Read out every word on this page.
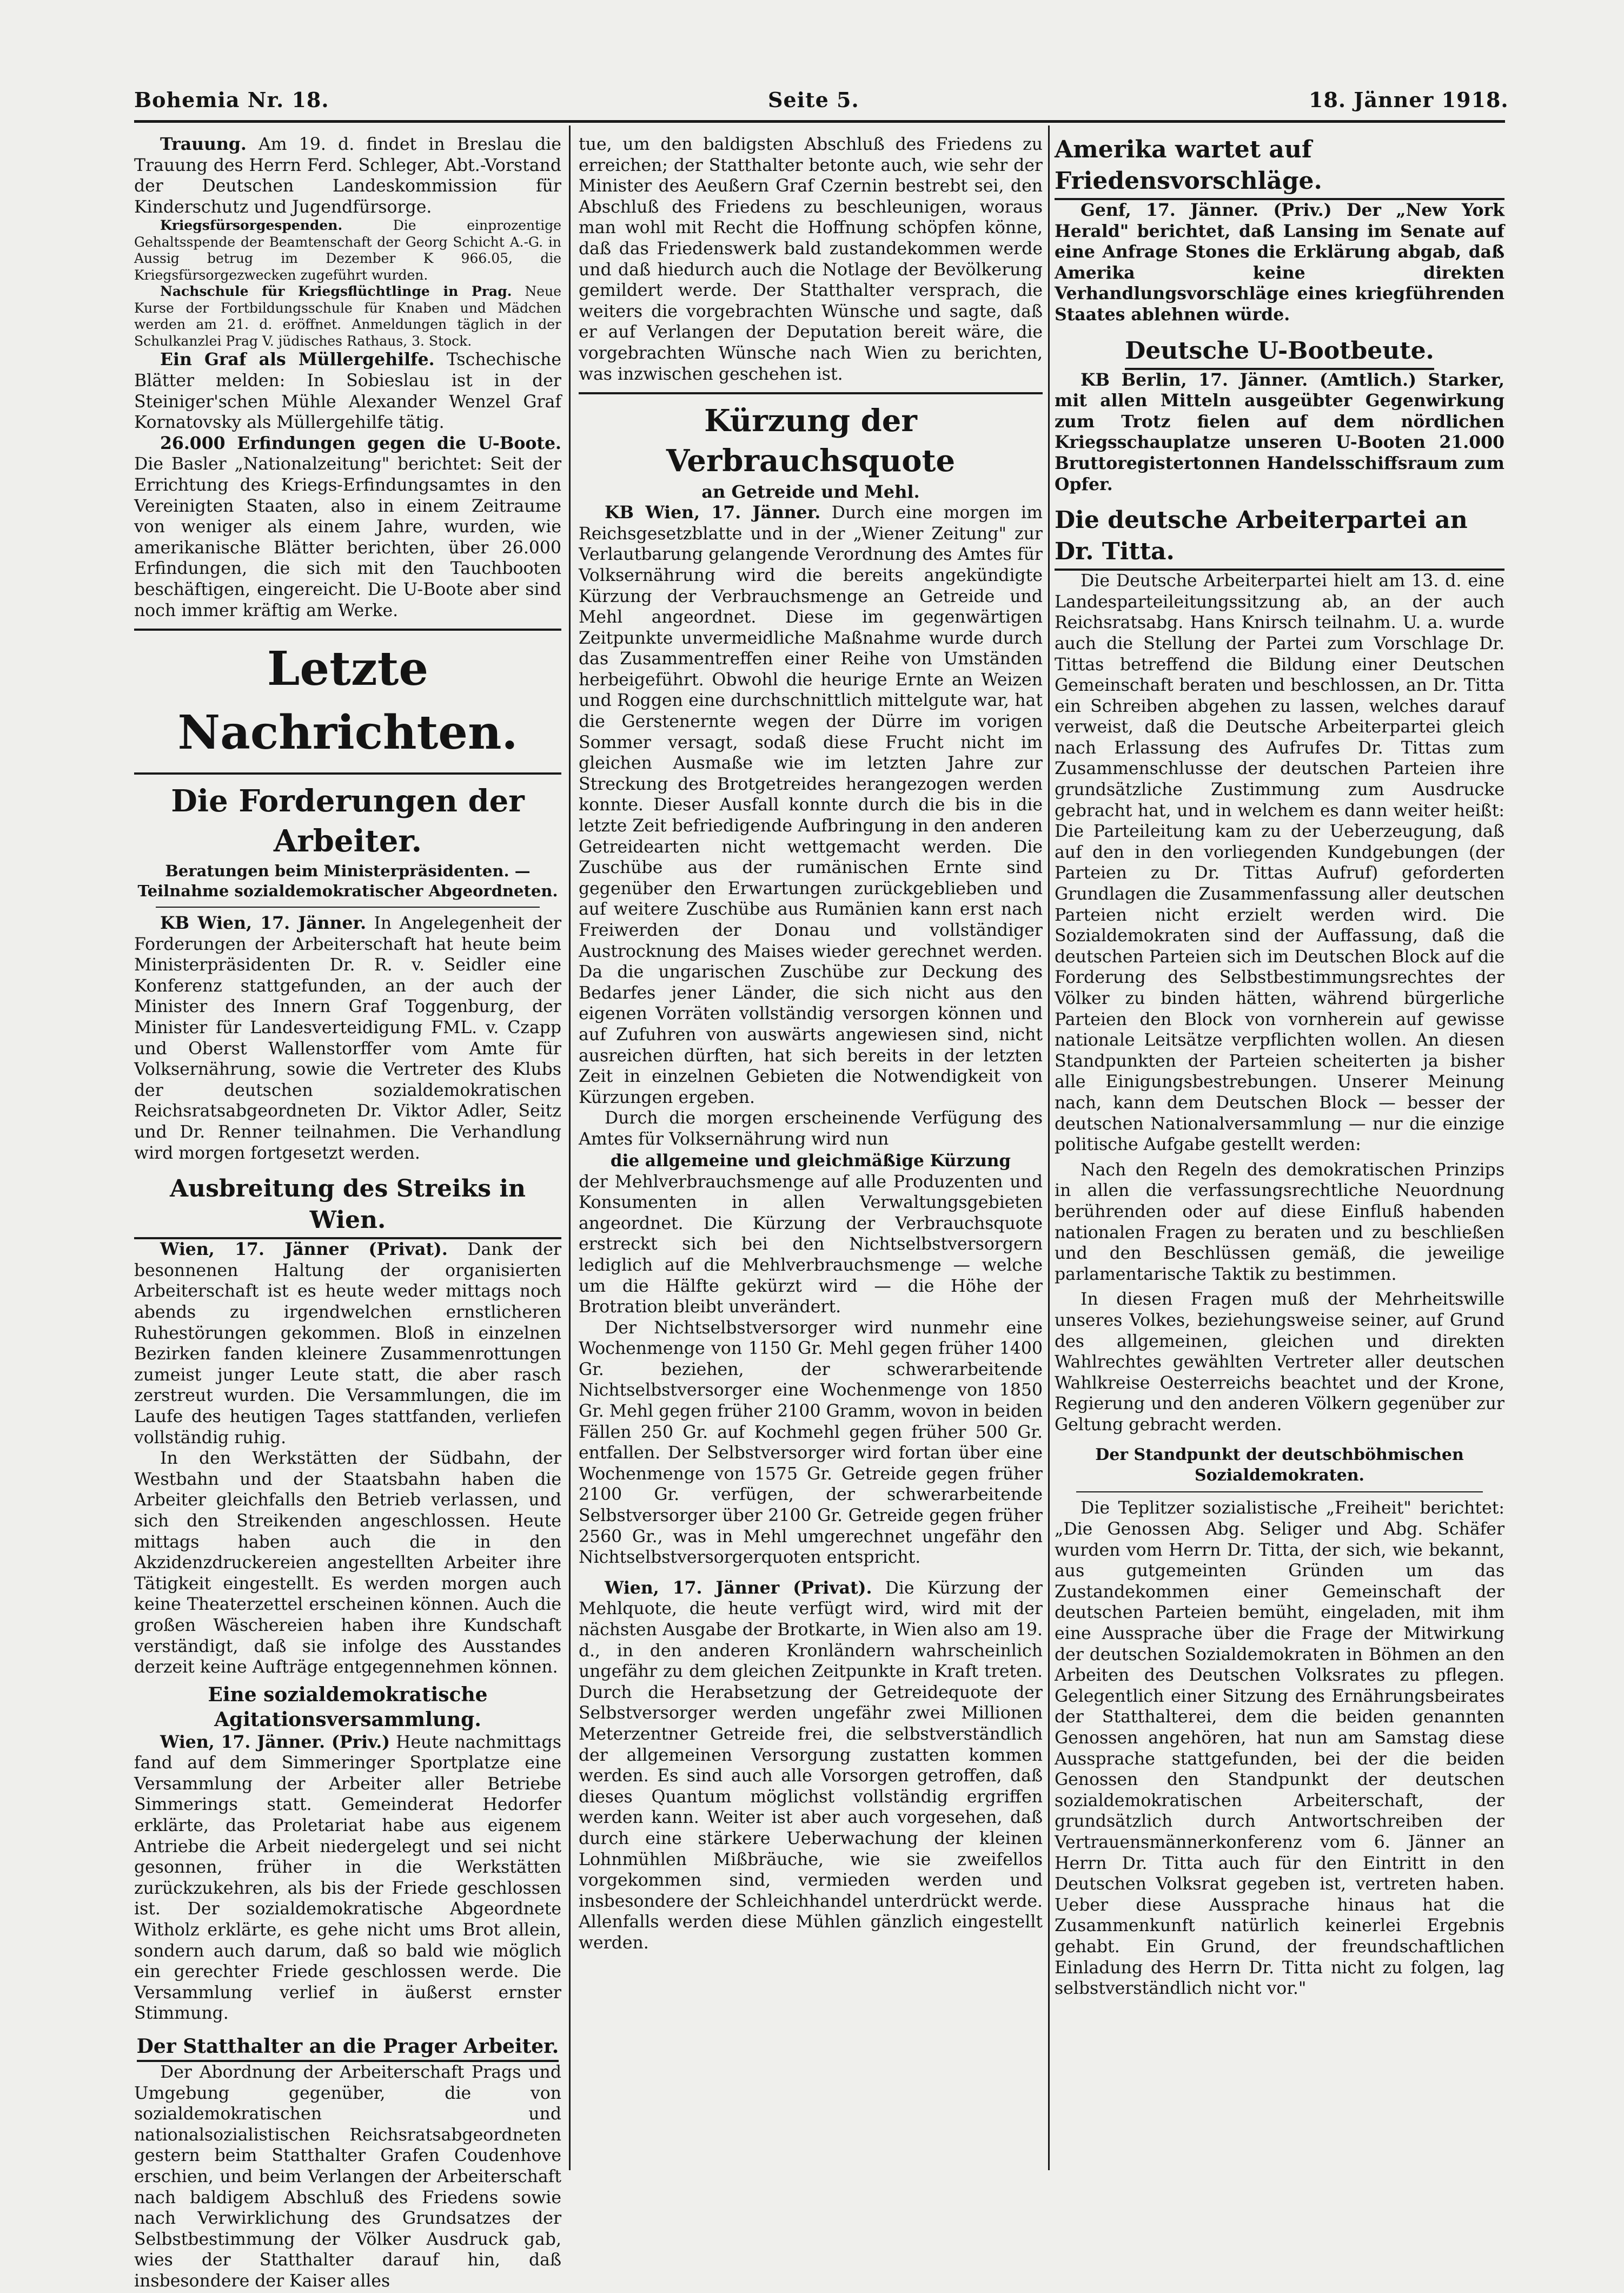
Bohemia Nr. 18.	Seite 5.	18. Jänner 1918.

Trauung. Am 19. d. findet in Breslau die Trauung des Herrn Ferd. Schleger, Abt.-Vorstand der Deutschen Landeskommission für Kinderschutz und Jugendfürsorge.

Kriegsfürsorgespenden.	Die einprozentige Gehaltsspende der Beamtenschaft der Georg Schicht A.-G. in Aussig betrug im Dezember K 966.05, die Kriegsfürsorgezwecken zugeführt wurden.

Nachschule für Kriegsflüchtlinge in Prag. Neue Kurse der Fortbildungsschule für Knaben und Mädchen werden am 21. d. eröffnet. Anmeldungen täglich in der Schulkanzlei Prag V. jüdisches Rathaus, 3. Stock.

Ein Graf als Müllergehilfe. Tschechische Blätter melden: In Sobieslau ist in der Steiniger'schen Mühle Alexander Wenzel Graf Kornatovsky als Müllergehilfe tätig.

26.000 Erfindungen gegen die U-Boote. Die Basler „Nationalzeitung" berichtet: Seit der Errichtung des Kriegs-Erfindungsamtes in den Vereinigten Staaten, also in einem Zeitraume von weniger als einem Jahre, wurden, wie amerikanische Blätter berichten, über 26.000 Erfindungen, die sich mit den Tauchbooten beschäftigen, eingereicht. Die U-Boote aber sind noch immer kräftig am Werke.

Letzte Nachrichten.

Die Forderungen der Arbeiter.

Beratungen beim Ministerpräsidenten. — Teilnahme sozialdemokratischer Abgeordneten.

KB Wien, 17. Jänner. In Angelegenheit der Forderungen der Arbeiterschaft hat heute beim Ministerpräsidenten Dr. R. v. Seidler eine Konferenz stattgefunden, an der auch der Minister des Innern Graf Toggenburg, der Minister für Landesverteidigung FML. v. Czapp und Oberst Wallenstorffer vom Amte für Volksernährung, sowie die Vertreter des Klubs der deutschen sozialdemokratischen Reichsratsabgeordneten Dr. Viktor Adler, Seitz und Dr. Renner teilnahmen. Die Verhandlung wird morgen fortgesetzt werden.

Ausbreitung des Streiks in Wien.

Wien, 17. Jänner (Privat). Dank der besonnenen Haltung der organisierten Arbeiterschaft ist es heute weder mittags noch abends zu irgendwelchen ernstlicheren Ruhestörungen gekommen. Bloß in einzelnen Bezirken fanden kleinere Zusammenrottungen zumeist junger Leute statt, die aber rasch zerstreut wurden. Die Versammlungen, die im Laufe des heutigen Tages stattfanden, verliefen vollständig ruhig.

In den Werkstätten der Südbahn, der Westbahn und der Staatsbahn haben die Arbeiter gleichfalls den Betrieb verlassen, und sich den Streikenden angeschlossen. Heute mittags haben auch die in den Akzidenzdruckereien angestellten Arbeiter ihre Tätigkeit eingestellt. Es werden morgen auch keine Theaterzettel erscheinen können. Auch die großen Wäschereien haben ihre Kundschaft verständigt, daß sie infolge des Ausstandes derzeit keine Aufträge entgegennehmen können.

Eine sozialdemokratische Agitationsversammlung.

Wien, 17. Jänner. (Priv.) Heute nachmittags fand auf dem Simmeringer Sportplatze eine Versammlung der Arbeiter aller Betriebe Simmerings statt. Gemeinderat Hedorfer erklärte, das Proletariat habe aus eigenem Antriebe die Arbeit niedergelegt und sei nicht gesonnen, früher in die Werkstätten zurückzukehren, als bis der Friede geschlossen ist. Der sozialdemokratische Abgeordnete Witholz erklärte, es gehe nicht ums Brot allein, sondern auch darum, daß so bald wie möglich ein gerechter Friede geschlossen werde. Die Versammlung verlief in äußerst ernster Stimmung.

Der Statthalter an die Prager Arbeiter.

Der Abordnung der Arbeiterschaft Prags und Umgebung gegenüber, die von sozialdemokratischen und nationalsozialistischen Reichsratsabgeordneten gestern beim Statthalter Grafen Coudenhove erschien, und beim Verlangen der Arbeiterschaft nach baldigem Abschluß des Friedens sowie nach Verwirklichung des Grundsatzes der Selbstbestimmung der Völker Ausdruck gab, wies der Statthalter darauf hin, daß insbesondere der Kaiser alles

tue, um den baldigsten Abschluß des Friedens zu erreichen; der Statthalter betonte auch, wie sehr der Minister des Aeußern Graf Czernin bestrebt sei, den Abschluß des Friedens zu beschleunigen, woraus man wohl mit Recht die Hoffnung schöpfen könne, daß das Friedenswerk bald zustandekommen werde und daß hiedurch auch die Notlage der Bevölkerung gemildert werde. Der Statthalter versprach, die weiters die vorgebrachten Wünsche und sagte, daß er auf Verlangen der Deputation bereit wäre, die vorgebrachten Wünsche nach Wien zu berichten, was inzwischen geschehen ist.

Kürzung der Verbrauchsquote

an Getreide und Mehl.

KB Wien, 17. Jänner. Durch eine morgen im Reichsgesetzblatte und in der „Wiener Zeitung" zur Verlautbarung gelangende Verordnung des Amtes für Volksernährung wird die bereits angekündigte Kürzung der Verbrauchsmenge an Getreide und Mehl angeordnet. Diese im gegenwärtigen Zeitpunkte unvermeidliche Maßnahme wurde durch das Zusammentreffen einer Reihe von Umständen herbeigeführt. Obwohl die heurige Ernte an Weizen und Roggen eine durchschnittlich mittelgute war, hat die Gerstenernte wegen der Dürre im vorigen Sommer versagt, sodaß diese Frucht nicht im gleichen Ausmaße wie im letzten Jahre zur Streckung des Brotgetreides herangezogen werden konnte. Dieser Ausfall konnte durch die bis in die letzte Zeit befriedigende Aufbringung in den anderen Getreidearten nicht wettgemacht werden. Die Zuschübe aus der rumänischen Ernte sind gegenüber den Erwartungen zurückgeblieben und auf weitere Zuschübe aus Rumänien kann erst nach Freiwerden der Donau und vollständiger Austrocknung des Maises wieder gerechnet werden. Da die ungarischen Zuschübe zur Deckung des Bedarfes jener Länder, die sich nicht aus den eigenen Vorräten vollständig versorgen können und auf Zufuhren von auswärts angewiesen sind, nicht ausreichen dürften, hat sich bereits in der letzten Zeit in einzelnen Gebieten die Notwendigkeit von Kürzungen ergeben.

Durch die morgen erscheinende Verfügung des Amtes für Volksernährung wird nun

die allgemeine und gleichmäßige Kürzung

der Mehlverbrauchsmenge auf alle Produzenten und Konsumenten in allen Verwaltungsgebieten angeordnet. Die Kürzung der Verbrauchsquote erstreckt sich bei den Nichtselbstversorgern lediglich auf die Mehlverbrauchsmenge — welche um die Hälfte gekürzt wird — die Höhe der Brotration bleibt unverändert.

Der Nichtselbstversorger wird nunmehr eine Wochenmenge von 1150 Gr. Mehl gegen früher 1400 Gr. beziehen, der schwerarbeitende Nichtselbstversorger eine Wochenmenge von 1850 Gr. Mehl gegen früher 2100 Gramm, wovon in beiden Fällen 250 Gr. auf Kochmehl gegen früher 500 Gr. entfallen. Der Selbstversorger wird fortan über eine Wochenmenge von 1575 Gr. Getreide gegen früher 2100 Gr. verfügen, der schwerarbeitende Selbstversorger über 2100 Gr. Getreide gegen früher 2560 Gr., was in Mehl umgerechnet ungefähr den Nichtselbstversorgerquoten entspricht.

Wien, 17. Jänner (Privat). Die Kürzung der Mehlquote, die heute verfügt wird, wird mit der nächsten Ausgabe der Brotkarte, in Wien also am 19. d., in den anderen Kronländern wahrscheinlich ungefähr zu dem gleichen Zeitpunkte in Kraft treten. Durch die Herabsetzung der Getreidequote der Selbstversorger werden ungefähr zwei Millionen Meterzentner Getreide frei, die selbstverständlich der allgemeinen Versorgung zustatten kommen werden. Es sind auch alle Vorsorgen getroffen, daß dieses Quantum möglichst vollständig ergriffen werden kann. Weiter ist aber auch vorgesehen, daß durch eine stärkere Ueberwachung der kleinen Lohnmühlen Mißbräuche, wie sie zweifellos vorgekommen sind, vermieden werden und insbesondere der Schleichhandel unterdrückt werde. Allenfalls werden diese Mühlen gänzlich eingestellt werden.

Amerika wartet auf Friedensvorschläge.

Genf, 17. Jänner. (Priv.) Der „New York Herald" berichtet, daß Lansing im Senate auf eine Anfrage Stones die Erklärung abgab, daß Amerika keine direkten Verhandlungsvorschläge eines kriegführenden Staates ablehnen würde.

Deutsche U-Bootbeute.

KB Berlin, 17. Jänner. (Amtlich.) Starker, mit allen Mitteln ausgeübter Gegenwirkung zum Trotz fielen auf dem nördlichen Kriegsschauplatze unseren U-Booten 21.000 Bruttoregistertonnen Handelsschiffsraum zum Opfer.

Die deutsche Arbeiterpartei an Dr. Titta.

Die Deutsche Arbeiterpartei hielt am 13. d. eine Landesparteileitungssitzung ab, an der auch Reichsratsabg. Hans Knirsch teilnahm. U. a. wurde auch die Stellung der Partei zum Vorschlage Dr. Tittas betreffend die Bildung einer Deutschen Gemeinschaft beraten und beschlossen, an Dr. Titta ein Schreiben abgehen zu lassen, welches darauf verweist, daß die Deutsche Arbeiterpartei gleich nach Erlassung des Aufrufes Dr. Tittas zum Zusammenschlusse der deutschen Parteien ihre grundsätzliche Zustimmung zum Ausdrucke gebracht hat, und in welchem es dann weiter heißt: Die Parteileitung kam zu der Ueberzeugung, daß auf den in den vorliegenden Kundgebungen (der Parteien zu Dr. Tittas Aufruf) geforderten Grundlagen die Zusammenfassung aller deutschen Parteien nicht erzielt werden wird. Die Sozialdemokraten sind der Auffassung, daß die deutschen Parteien sich im Deutschen Block auf die Forderung des Selbstbestimmungsrechtes der Völker zu binden hätten, während bürgerliche Parteien den Block von vornherein auf gewisse nationale Leitsätze verpflichten wollen. An diesen Standpunkten der Parteien scheiterten ja bisher alle Einigungsbestrebungen. Unserer Meinung nach, kann dem Deutschen Block — besser der deutschen Nationalversammlung — nur die einzige politische Aufgabe gestellt werden:

Nach den Regeln des demokratischen Prinzips in allen die verfassungsrechtliche Neuordnung berührenden oder auf diese Einfluß habenden nationalen Fragen zu beraten und zu beschließen und den Beschlüssen gemäß, die jeweilige parlamentarische Taktik zu bestimmen.

In diesen Fragen muß der Mehrheitswille unseres Volkes, beziehungsweise seiner, auf Grund des allgemeinen, gleichen und direkten Wahlrechtes gewählten Vertreter aller deutschen Wahlkreise Oesterreichs beachtet und der Krone, Regierung und den anderen Völkern gegenüber zur Geltung gebracht werden.

Der Standpunkt der deutschböhmischen Sozialdemokraten.

Die Teplitzer sozialistische „Freiheit" berichtet: „Die Genossen Abg. Seliger und Abg. Schäfer wurden vom Herrn Dr. Titta, der sich, wie bekannt, aus gutgemeinten Gründen um das Zustandekommen einer Gemeinschaft der deutschen Parteien bemüht, eingeladen, mit ihm eine Aussprache über die Frage der Mitwirkung der deutschen Sozialdemokraten in Böhmen an den Arbeiten des Deutschen Volksrates zu pflegen. Gelegentlich einer Sitzung des Ernährungsbeirates der Statthalterei, dem die beiden genannten Genossen angehören, hat nun am Samstag diese Aussprache stattgefunden, bei der die beiden Genossen den Standpunkt der deutschen sozialdemokratischen Arbeiterschaft, der grundsätzlich durch Antwortschreiben der Vertrauensmännerkonferenz vom 6. Jänner an Herrn Dr. Titta auch für den Eintritt in den Deutschen Volksrat gegeben ist, vertreten haben. Ueber diese Aussprache hinaus hat die Zusammenkunft natürlich keinerlei Ergebnis gehabt. Ein Grund, der freundschaftlichen Einladung des Herrn Dr. Titta nicht zu folgen, lag selbstverständlich nicht vor."
